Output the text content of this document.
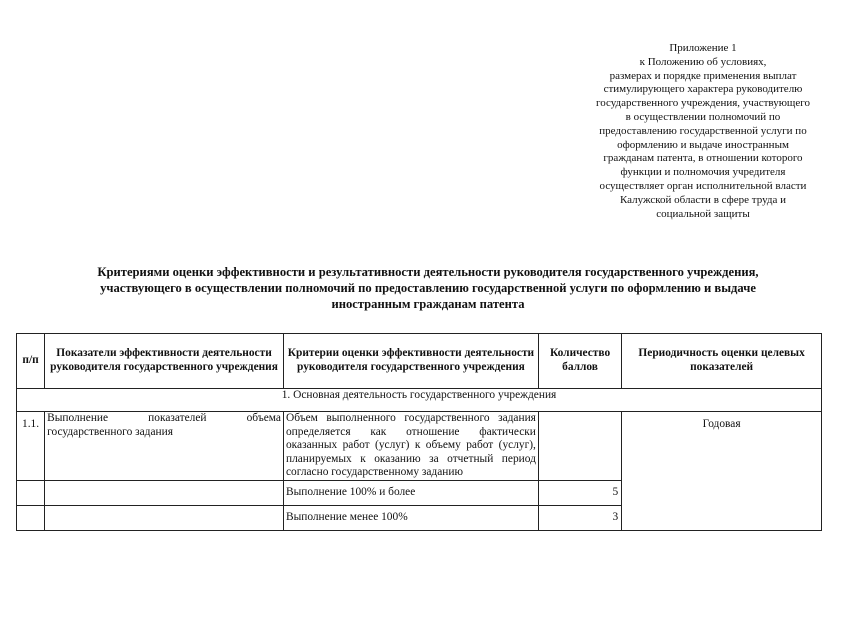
Приложение 1
к Положению об условиях,
размерах и порядке применения выплат
стимулирующего характера руководителю
государственного учреждения, участвующего
в осуществлении полномочий по
предоставлению государственной услуги по
оформлению и выдаче иностранным
гражданам патента, в отношении которого
функции и полномочия учредителя
осуществляет орган исполнительной власти
Калужской области в сфере труда и
социальной защиты
Критериями оценки эффективности и результативности деятельности руководителя государственного учреждения,
участвующего в осуществлении полномочий по предоставлению государственной услуги по оформлению и выдаче
иностранным гражданам патента
п/п	Показатели эффективности деятельности руководителя государственного учреждения	Критерии оценки эффективности деятельности руководителя государственного учреждения	Количество баллов	Периодичность оценки целевых показателей
1. Основная деятельность государственного учреждения				
1.1.	Выполнение показателей объема государственного задания	Объем выполненного государственного задания определяется как отношение фактически оказанных работ (услуг) к объему работ (услуг), планируемых к оказанию за отчетный период согласно государственному заданию		Годовая
		Выполнение 100% и более	5	
		Выполнение менее 100%	3	
